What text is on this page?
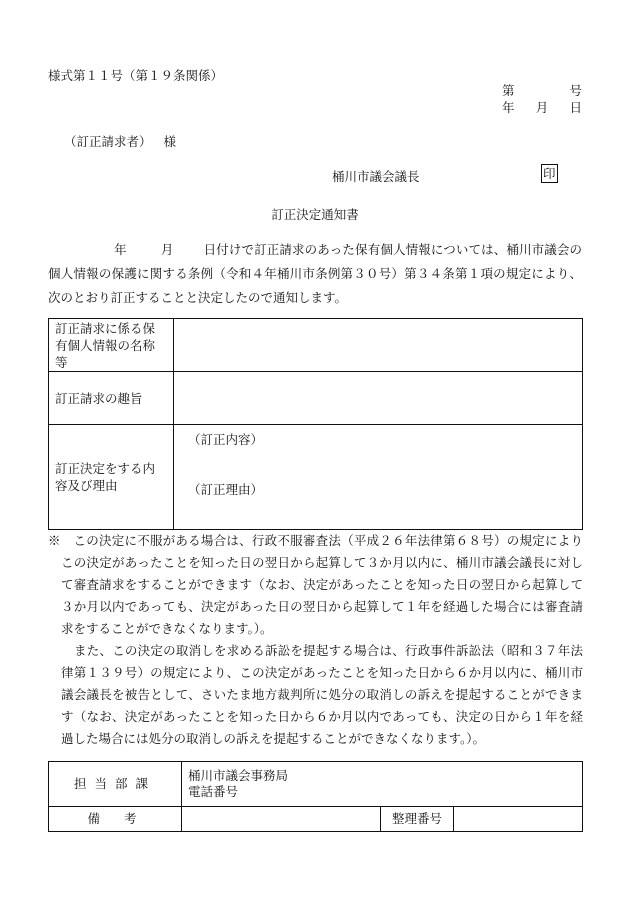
様式第１１号（第１９条関係）
第	号
年 月 日
（訂正請求者） 様
桶川市議会議長	印
訂正決定通知書
年	月 日付けで訂正請求のあった保有個人情報については、桶川市議会の個人情報の保護に関する条例（令和４年桶川市条例第３０号）第３４条第１項の規定により、次のとおり訂正することと決定したので通知します。
訂正請求に係る保有個人情報の名称等	
訂正請求の趣旨	
訂正決定をする内容及び理由	（訂正内容）
（訂正理由）

※　この決定に不服がある場合は、行政不服審査法（平成２６年法律第６８号）の規定によりこの決定があったことを知った日の翌日から起算して３か月以内に、桶川市議会議長に対して審査請求をすることができます（なお、決定があったことを知った日の翌日から起算して３か月以内であっても、決定があった日の翌日から起算して１年を経過した場合には審査請求をすることができなくなります。）。

また、この決定の取消しを求める訴訟を提起する場合は、行政事件訴訟法（昭和３７年法律第１３９号）の規定により、この決定があったことを知った日から６か月以内に、桶川市議会議長を被告として、さいたま地方裁判所に処分の取消しの訴えを提起することができます（なお、決定があったことを知った日から６か月以内であっても、決定の日から１年を経過した場合には処分の取消しの訴えを提起することができなくなります。）。

担当部課	桶川市議会事務局
電話番号		

備考		整理番号	
